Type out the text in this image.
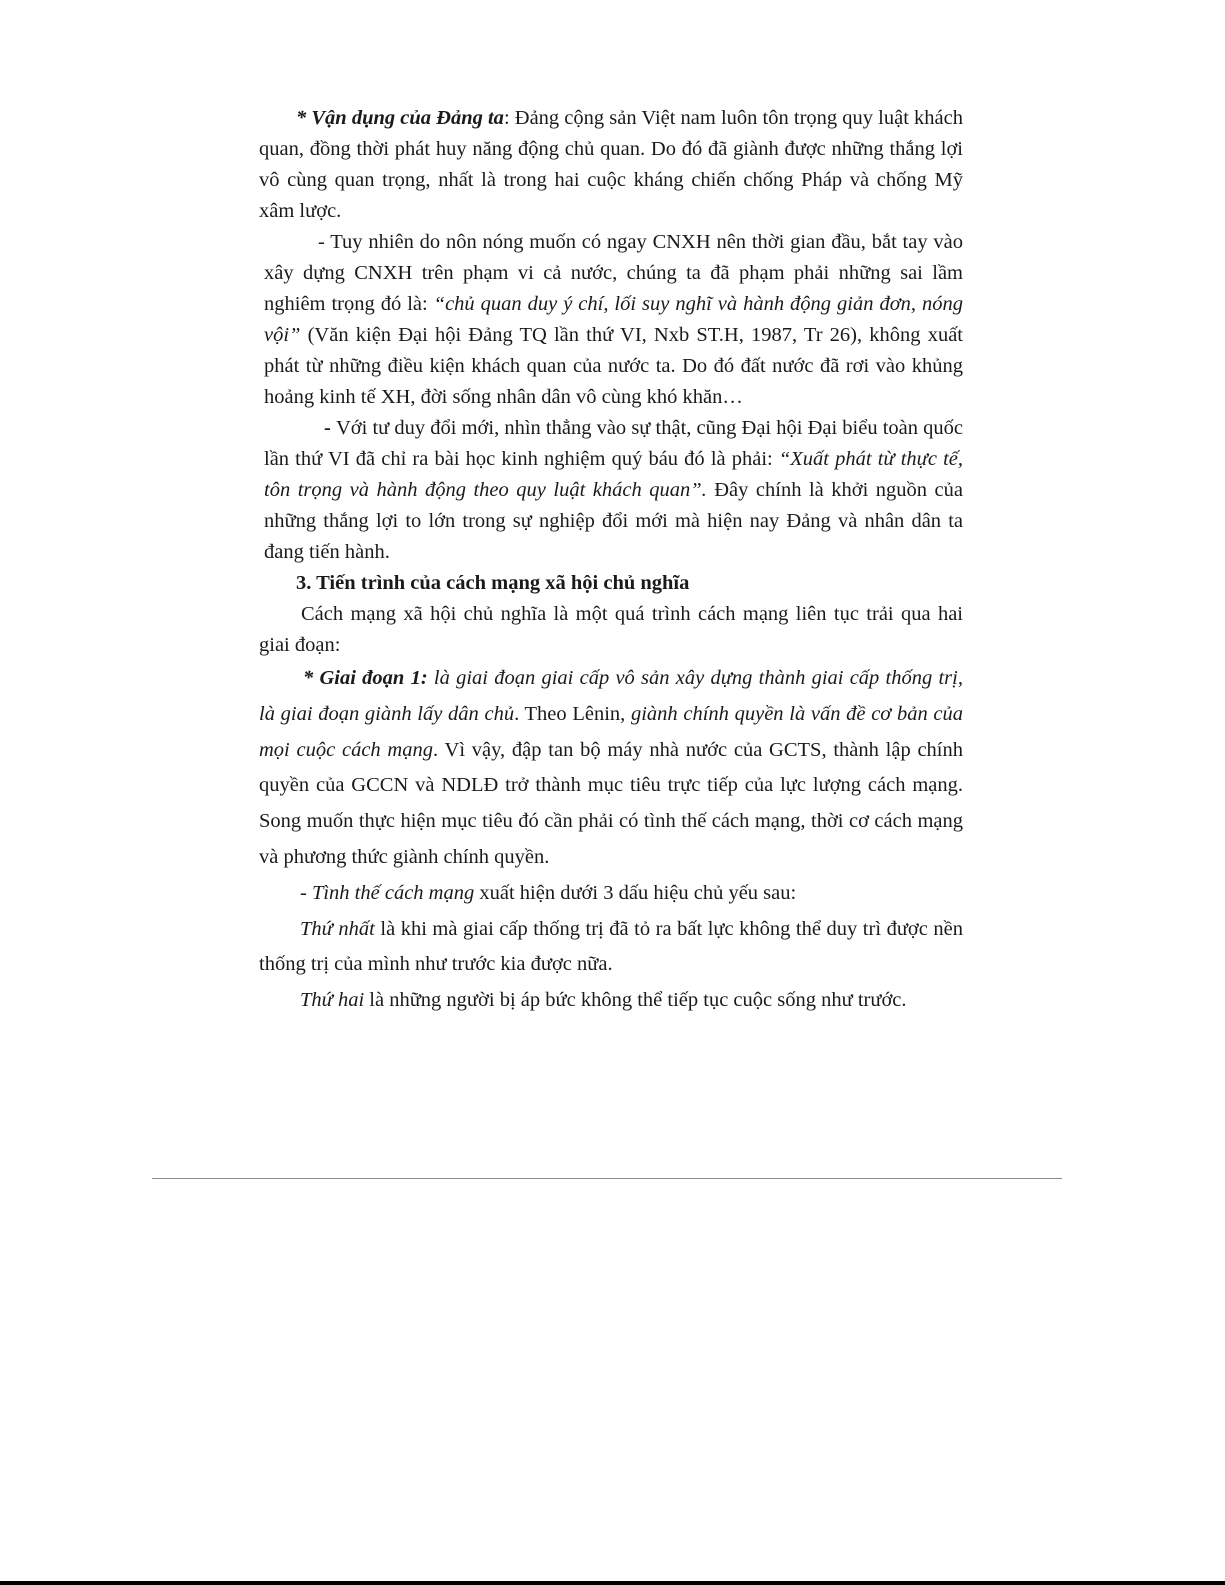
* Vận dụng của Đảng ta: Đảng cộng sản Việt nam luôn tôn trọng quy luật khách quan, đồng thời phát huy năng động chủ quan. Do đó đã giành được những thắng lợi vô cùng quan trọng, nhất là trong hai cuộc kháng chiến chống Pháp và chống Mỹ xâm lược.

- Tuy nhiên do nôn nóng muốn có ngay CNXH nên thời gian đầu, bắt tay vào xây dựng CNXH trên phạm vi cả nước, chúng ta đã phạm phải những sai lầm nghiêm trọng đó là: “chủ quan duy ý chí, lối suy nghĩ và hành động giản đơn, nóng vội” (Văn kiện Đại hội Đảng TQ lần thứ VI, Nxb ST.H, 1987, Tr 26), không xuất phát từ những điều kiện khách quan của nước ta. Do đó đất nước đã rơi vào khủng hoảng kinh tế XH, đời sống nhân dân vô cùng khó khăn…

- Với tư duy đổi mới, nhìn thẳng vào sự thật, cũng Đại hội Đại biểu toàn quốc lần thứ VI đã chỉ ra bài học kinh nghiệm quý báu đó là phải: “Xuất phát từ thực tế, tôn trọng và hành động theo quy luật khách quan”. Đây chính là khởi nguồn của những thắng lợi to lớn trong sự nghiệp đổi mới mà hiện nay Đảng và nhân dân ta đang tiến hành.

3. Tiến trình của cách mạng xã hội chủ nghĩa

Cách mạng xã hội chủ nghĩa là một quá trình cách mạng liên tục trải qua hai giai đoạn:

* Giai đoạn 1: là giai đoạn giai cấp vô sản xây dựng thành giai cấp thống trị, là giai đoạn giành lấy dân chủ. Theo Lênin, giành chính quyền là vấn đề cơ bản của mọi cuộc cách mạng. Vì vậy, đập tan bộ máy nhà nước của GCTS, thành lập chính quyền của GCCN và NDLĐ trở thành mục tiêu trực tiếp của lực lượng cách mạng. Song muốn thực hiện mục tiêu đó cần phải có tình thế cách mạng, thời cơ cách mạng và phương thức giành chính quyền.

- Tình thế cách mạng xuất hiện dưới 3 dấu hiệu chủ yếu sau:

Thứ nhất là khi mà giai cấp thống trị đã tỏ ra bất lực không thể duy trì được nền thống trị của mình như trước kia được nữa.

Thứ hai là những người bị áp bức không thể tiếp tục cuộc sống như trước.
